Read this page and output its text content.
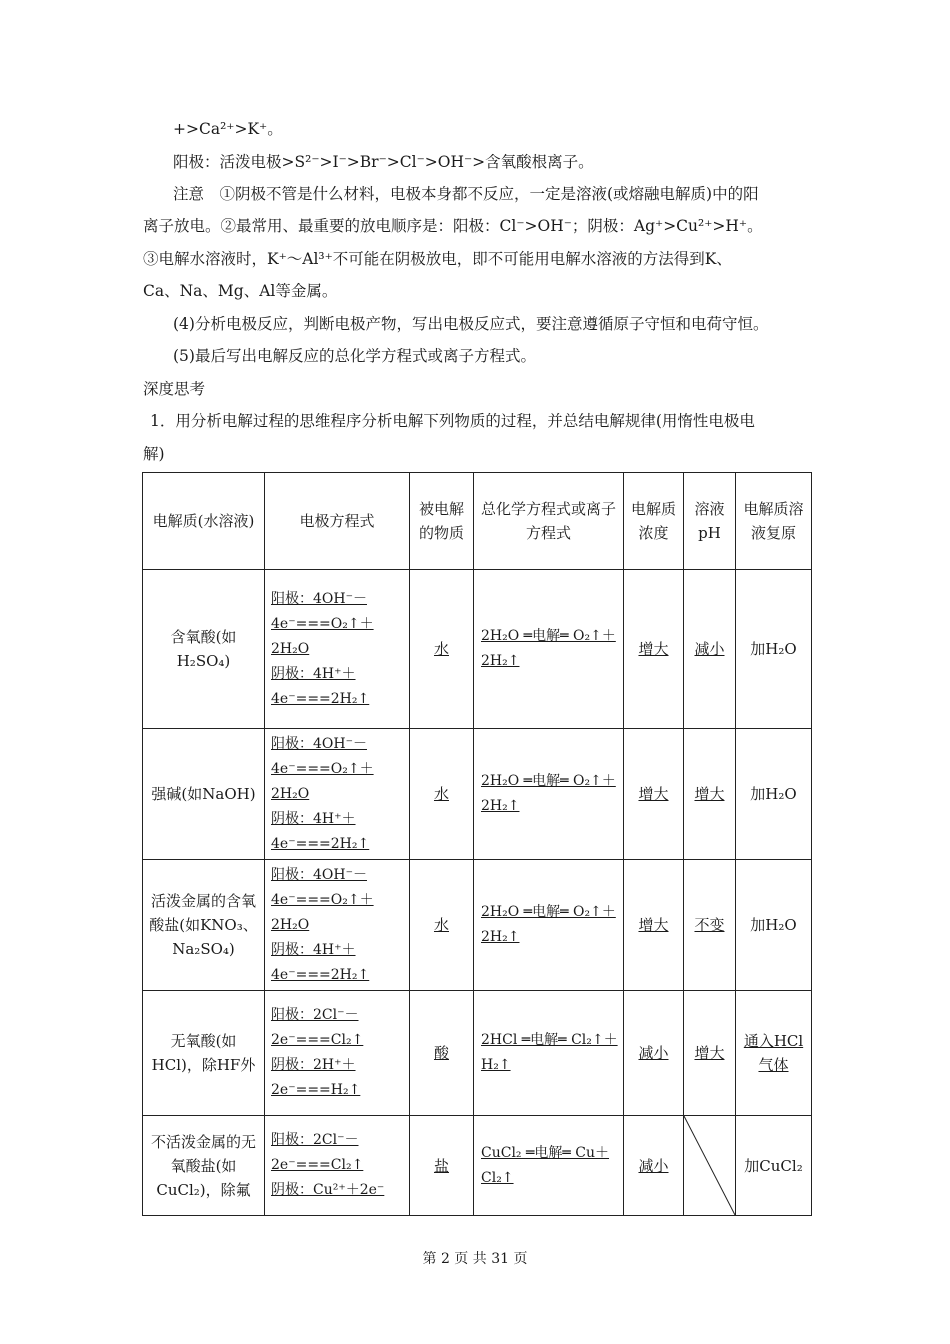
+>Ca²⁺>K⁺。
阳极：活泼电极>S²⁻>I⁻>Br⁻>Cl⁻>OH⁻>含氧酸根离子。
注意　①阴极不管是什么材料，电极本身都不反应，一定是溶液(或熔融电解质)中的阳
离子放电。②最常用、最重要的放电顺序是：阳极：Cl⁻>OH⁻；阴极：Ag⁺>Cu²⁺>H⁺。
③电解水溶液时，K⁺～Al³⁺不可能在阴极放电，即不可能用电解水溶液的方法得到K、
Ca、Na、Mg、Al等金属。
(4)分析电极反应，判断电极产物，写出电极反应式，要注意遵循原子守恒和电荷守恒。
(5)最后写出电解反应的总化学方程式或离子方程式。
深度思考
1．用分析电解过程的思维程序分析电解下列物质的过程，并总结电解规律(用惰性电极电
解)
电解质(水溶液)	电极方程式	被电解的物质	总化学方程式或离子方程式	电解质浓度	溶液pH	电解质溶液复原
含氧酸(如H₂SO₄)	阳极：4OH⁻－4e⁻===O₂↑＋2H₂O
阴极：4H⁺＋4e⁻===2H₂↑	水	2H₂O ═电解═ O₂↑＋2H₂↑	增大	减小	加H₂O
强碱(如NaOH)	阳极：4OH⁻－4e⁻===O₂↑＋2H₂O
阴极：4H⁺＋4e⁻===2H₂↑	水	2H₂O ═电解═ O₂↑＋2H₂↑	增大	增大	加H₂O
活泼金属的含氧酸盐(如KNO₃、Na₂SO₄)	阳极：4OH⁻－4e⁻===O₂↑＋2H₂O
阴极：4H⁺＋4e⁻===2H₂↑	水	2H₂O ═电解═ O₂↑＋2H₂↑	增大	不变	加H₂O
无氧酸(如HCl)，除HF外	阳极：2Cl⁻－2e⁻===Cl₂↑
阴极：2H⁺＋2e⁻===H₂↑	酸	2HCl ═电解═ Cl₂↑＋H₂↑	减小	增大	通入HCl气体
不活泼金属的无氧酸盐(如CuCl₂)，除氟	阳极：2Cl⁻－2e⁻===Cl₂↑
阴极：Cu²⁺＋2e⁻	盐	CuCl₂ ═电解═ Cu＋Cl₂↑	减小		加CuCl₂
第 2 页 共 31 页
